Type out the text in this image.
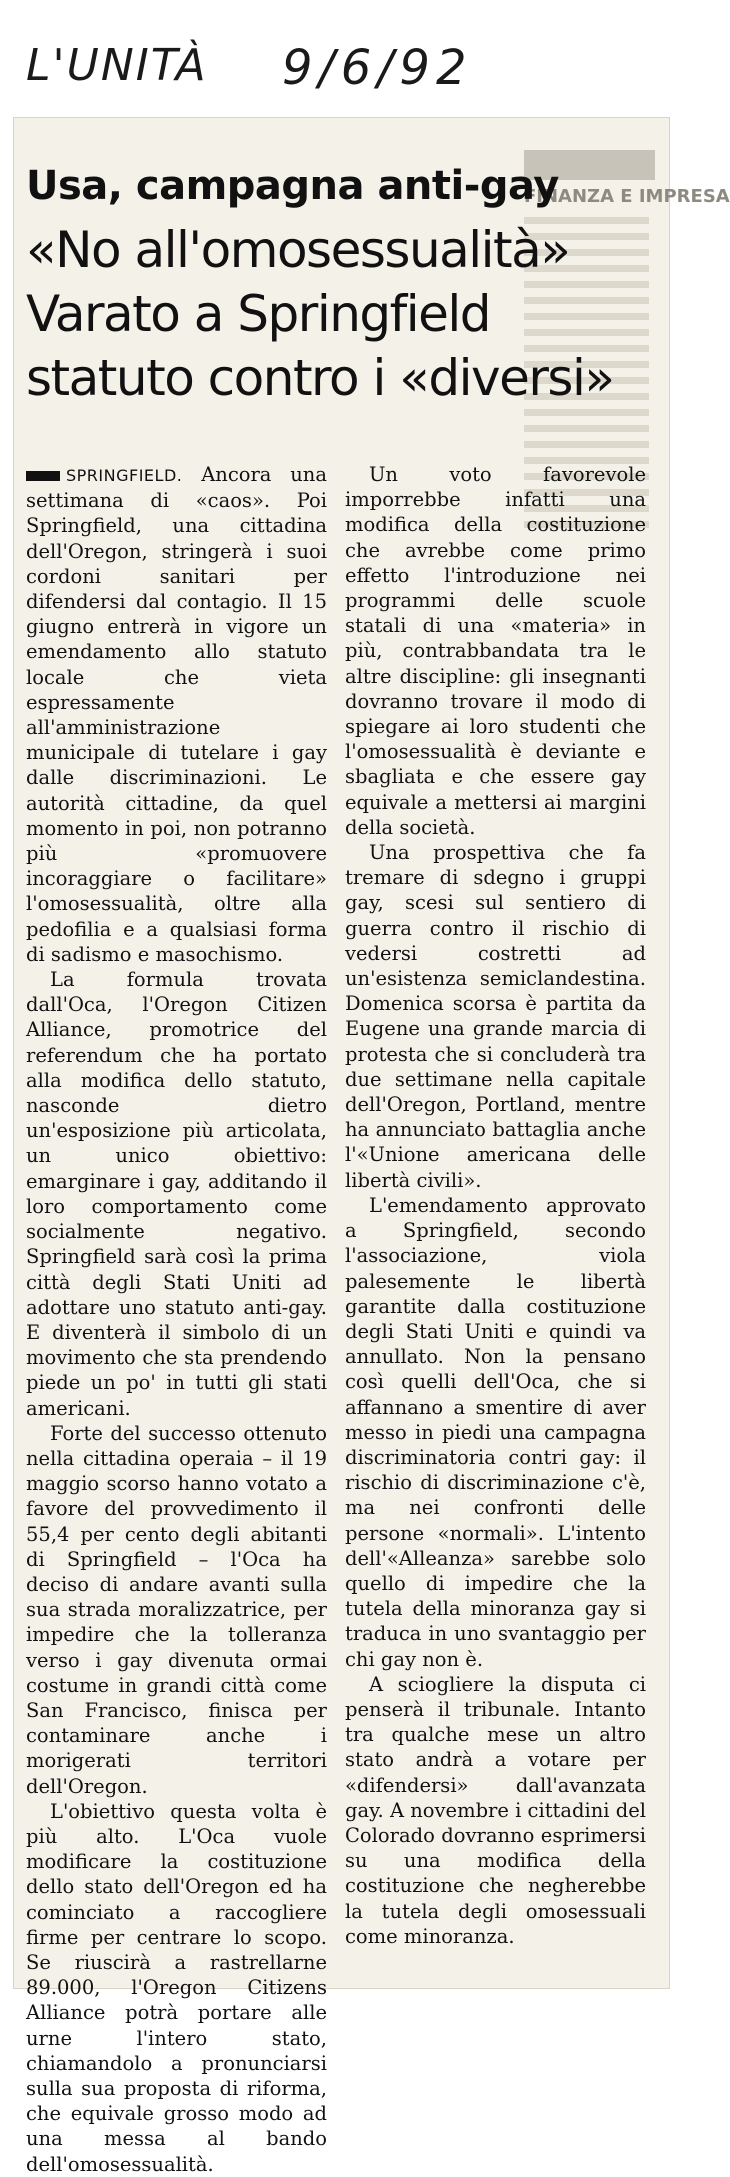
L'UNITÀ 9/6/92
FINANZA E IMPRESA
Usa, campagna anti-gay
«No all'omosessualità»
Varato a Springfield
statuto contro i «diversi»

SPRINGFIELD. Ancora una settimana di «caos». Poi Springfield, una cittadina dell'Oregon, stringerà i suoi cordoni sanitari per difendersi dal contagio. Il 15 giugno entrerà in vigore un emendamento allo statuto locale che vieta espressamente all'amministrazione municipale di tutelare i gay dalle discriminazioni. Le autorità cittadine, da quel momento in poi, non potranno più «promuovere incoraggiare o facilitare» l'omosessualità, oltre alla pedofilia e a qualsiasi forma di sadismo e masochismo.

La formula trovata dall'Oca, l'Oregon Citizen Alliance, promotrice del referendum che ha portato alla modifica dello statuto, nasconde dietro un'esposizione più articolata, un unico obiettivo: emarginare i gay, additando il loro comportamento come socialmente negativo. Springfield sarà così la prima città degli Stati Uniti ad adottare uno statuto anti-gay. E diventerà il simbolo di un movimento che sta prendendo piede un po' in tutti gli stati americani.

Forte del successo ottenuto nella cittadina operaia – il 19 maggio scorso hanno votato a favore del provvedimento il 55,4 per cento degli abitanti di Springfield – l'Oca ha deciso di andare avanti sulla sua strada moralizzatrice, per impedire che la tolleranza verso i gay divenuta ormai costume in grandi città come San Francisco, finisca per contaminare anche i morigerati territori dell'Oregon.

L'obiettivo questa volta è più alto. L'Oca vuole modificare la costituzione dello stato dell'Oregon ed ha cominciato a raccogliere firme per centrare lo scopo. Se riuscirà a rastrellarne 89.000, l'Oregon Citizens Alliance potrà portare alle urne l'intero stato, chiamandolo a pronunciarsi sulla sua proposta di riforma, che equivale grosso modo ad una messa al bando dell'omosessualità.

Un voto favorevole imporrebbe infatti una modifica della costituzione che avrebbe come primo effetto l'introduzione nei programmi delle scuole statali di una «materia» in più, contrabbandata tra le altre discipline: gli insegnanti dovranno trovare il modo di spiegare ai loro studenti che l'omosessualità è deviante e sbagliata e che essere gay equivale a mettersi ai margini della società.

Una prospettiva che fa tremare di sdegno i gruppi gay, scesi sul sentiero di guerra contro il rischio di vedersi costretti ad un'esistenza semiclandestina. Domenica scorsa è partita da Eugene una grande marcia di protesta che si concluderà tra due settimane nella capitale dell'Oregon, Portland, mentre ha annunciato battaglia anche l'«Unione americana delle libertà civili».

L'emendamento approvato a Springfield, secondo l'associazione, viola palesemente le libertà garantite dalla costituzione degli Stati Uniti e quindi va annullato. Non la pensano così quelli dell'Oca, che si affannano a smentire di aver messo in piedi una campagna discriminatoria contri gay: il rischio di discriminazione c'è, ma nei confronti delle persone «normali». L'intento dell'«Alleanza» sarebbe solo quello di impedire che la tutela della minoranza gay si traduca in uno svantaggio per chi gay non è.

A sciogliere la disputa ci penserà il tribunale. Intanto tra qualche mese un altro stato andrà a votare per «difendersi» dall'avanzata gay. A novembre i cittadini del Colorado dovranno esprimersi su una modifica della costituzione che negherebbe la tutela degli omosessuali come minoranza.
